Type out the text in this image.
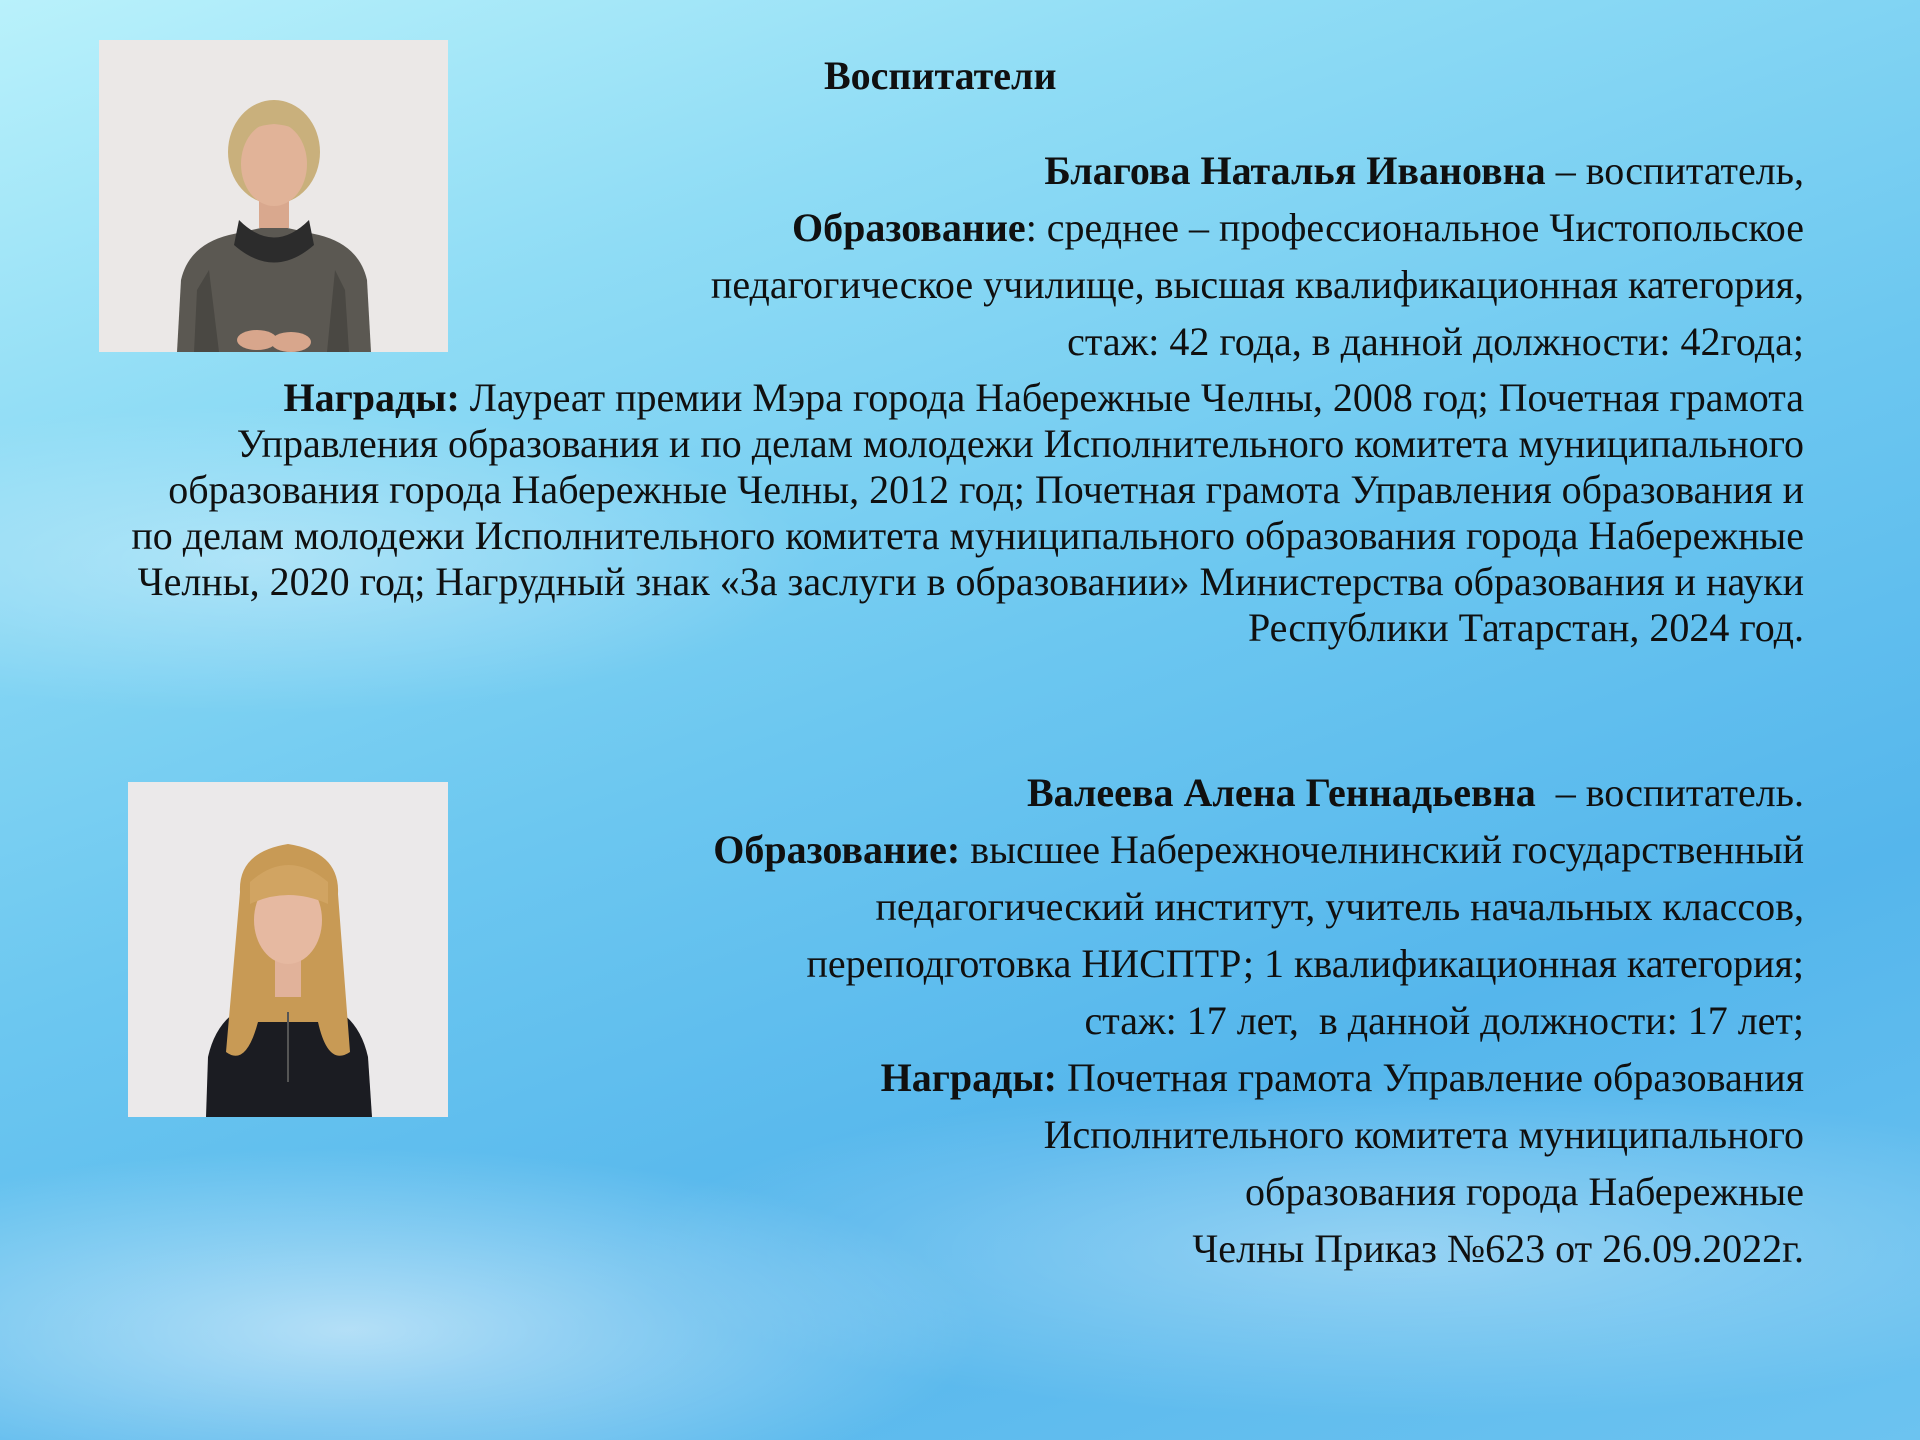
Воспитатели

Благова Наталья Ивановна – воспитатель,

Образование: среднее – профессиональное Чистопольское

педагогическое училище, высшая квалификационная категория,

стаж: 42 года, в данной должности: 42года;

Награды: Лауреат премии Мэра города Набережные Челны, 2008 год; Почетная грамота Управления образования и по делам молодежи Исполнительного комитета муниципального образования города Набережные Челны, 2012 год; Почетная грамота Управления образования и по делам молодежи Исполнительного комитета муниципального образования города Набережные Челны, 2020 год; Нагрудный знак «За заслуги в образовании» Министерства образования и науки Республики Татарстан, 2024 год.

Валеева Алена Геннадьевна  – воспитатель.

Образование: высшее Набережночелнинский государственный

педагогический институт, учитель начальных классов,

переподготовка НИСПТР; 1 квалификационная категория;

стаж: 17 лет,  в данной должности: 17 лет;

Награды: Почетная грамота Управление образования

Исполнительного комитета муниципального

образования города Набережные

Челны Приказ №623 от 26.09.2022г.
